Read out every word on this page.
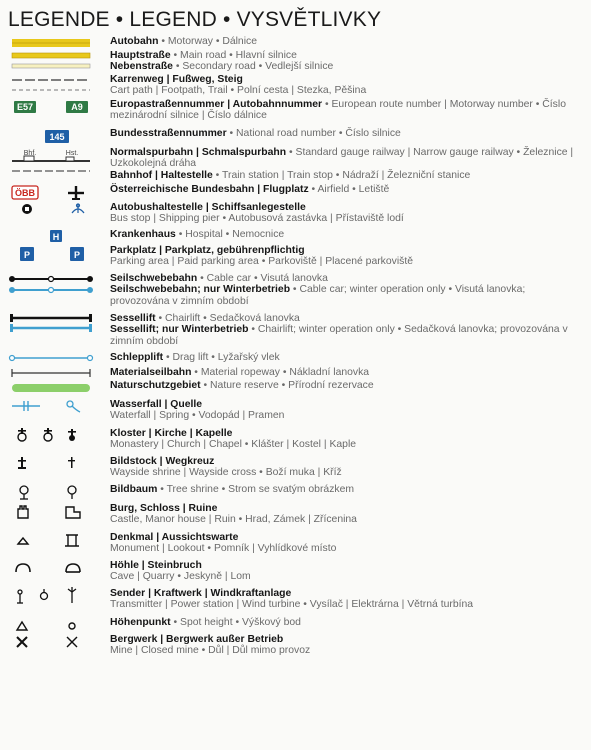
LEGENDE • LEGEND • VYSVĚTLIVKY
Autobahn • Motorway • Dálnice
Hauptstraße • Main road • Hlavní silnice
Nebenstraße • Secondary road • Vedlejší silnice
Karrenweg | Fußweg, Steig
Cart path | Footpath, Trail • Polní cesta | Stezka, Pěšina
E57	A9	Europastraßennummer | Autobahnnummer • European route number | Motorway number • Číslo mezinárodní silnice | Číslo dálnice
145	Bundesstraßennummer • National road number • Číslo silnice
Bhf.	Hst.	Normalspurbahn | Schmalspurbahn • Standard gauge railway | Narrow gauge railway • Železnice | Uzkokolejná dráha
Bahnhof | Haltestelle • Train station | Train stop • Nádraží | Železniční stanice
ÖBB	Österreichische Bundesbahn | Flugplatz • Airfield • Letiště
Autobushaltestelle | Schiffsanlegestelle
Bus stop | Shipping pier • Autobusová zastávka | Přístaviště lodí
H	Krankenhaus • Hospital • Nemocnice
P	P	Parkplatz | Parkplatz, gebührenpflichtig
Parking area | Paid parking area • Parkoviště | Placené parkoviště
Seilschwebebahn • Cable car • Visutá lanovka
Seilschwebebahn; nur Winterbetrieb • Cable car; winter operation only • Visutá lanovka; provozována v zimním období
Sessellift • Chairlift • Sedačková lanovka
Sessellift; nur Winterbetrieb • Chairlift; winter operation only • Sedačková lanovka; provozována v zimním období
Schlepplift • Drag lift • Lyžařský vlek
Materialseilbahn • Material ropeway • Nákladní lanovka
Naturschutzgebiet • Nature reserve • Přírodní rezervace
Wasserfall | Quelle
Waterfall | Spring • Vodopád | Pramen
Kloster | Kirche | Kapelle
Monastery | Church | Chapel • Klášter | Kostel | Kaple
Bildstock | Wegkreuz
Wayside shrine | Wayside cross • Boží muka | Kříž
Bildbaum • Tree shrine • Strom se svatým obrázkem
Burg, Schloss | Ruine
Castle, Manor house | Ruin • Hrad, Zámek | Zřícenina
Denkmal | Aussichtswarte
Monument | Lookout • Pomník | Vyhlídkové místo
Höhle | Steinbruch
Cave | Quarry • Jeskyně | Lom
Sender | Kraftwerk | Windkraftanlage
Transmitter | Power station | Wind turbine • Vysílač | Elektrárna | Větrná turbína
Höhenpunkt • Spot height • Výškový bod
Bergwerk | Bergwerk außer Betrieb
Mine | Closed mine • Důl | Důl mimo provoz
